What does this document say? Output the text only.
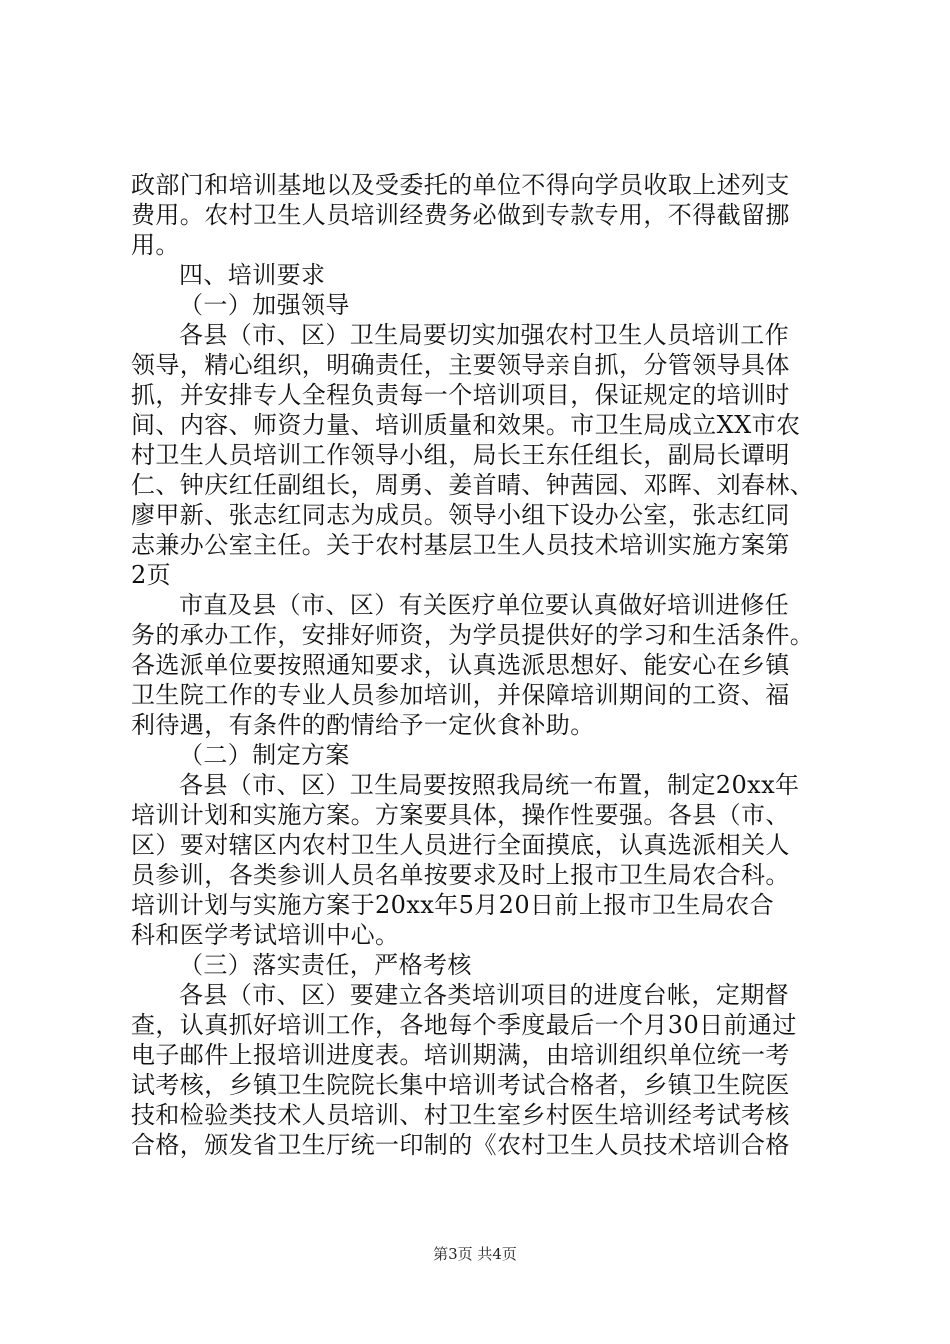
政部门和培训基地以及受委托的单位不得向学员收取上述列支
费用。农村卫生人员培训经费务必做到专款专用，不得截留挪
用。
四、培训要求
（一）加强领导
各县（市、区）卫生局要切实加强农村卫生人员培训工作
领导，精心组织，明确责任，主要领导亲自抓，分管领导具体
抓，并安排专人全程负责每一个培训项目，保证规定的培训时
间、内容、师资力量、培训质量和效果。市卫生局成立XX市农
村卫生人员培训工作领导小组，局长王东任组长，副局长谭明
仁、钟庆红任副组长，周勇、姜首晴、钟茜园、邓晖、刘春林、
廖甲新、张志红同志为成员。领导小组下设办公室，张志红同
志兼办公室主任。关于农村基层卫生人员技术培训实施方案第
2页
市直及县（市、区）有关医疗单位要认真做好培训进修任
务的承办工作，安排好师资，为学员提供好的学习和生活条件。
各选派单位要按照通知要求，认真选派思想好、能安心在乡镇
卫生院工作的专业人员参加培训，并保障培训期间的工资、福
利待遇，有条件的酌情给予一定伙食补助。
（二）制定方案
各县（市、区）卫生局要按照我局统一布置，制定20xx年
培训计划和实施方案。方案要具体，操作性要强。各县（市、
区）要对辖区内农村卫生人员进行全面摸底，认真选派相关人
员参训，各类参训人员名单按要求及时上报市卫生局农合科。
培训计划与实施方案于20xx年5月20日前上报市卫生局农合
科和医学考试培训中心。
（三）落实责任，严格考核
各县（市、区）要建立各类培训项目的进度台帐，定期督
查，认真抓好培训工作，各地每个季度最后一个月30日前通过
电子邮件上报培训进度表。培训期满，由培训组织单位统一考
试考核，乡镇卫生院院长集中培训考试合格者，乡镇卫生院医
技和检验类技术人员培训、村卫生室乡村医生培训经考试考核
合格，颁发省卫生厅统一印制的《农村卫生人员技术培训合格
第3页 共4页
